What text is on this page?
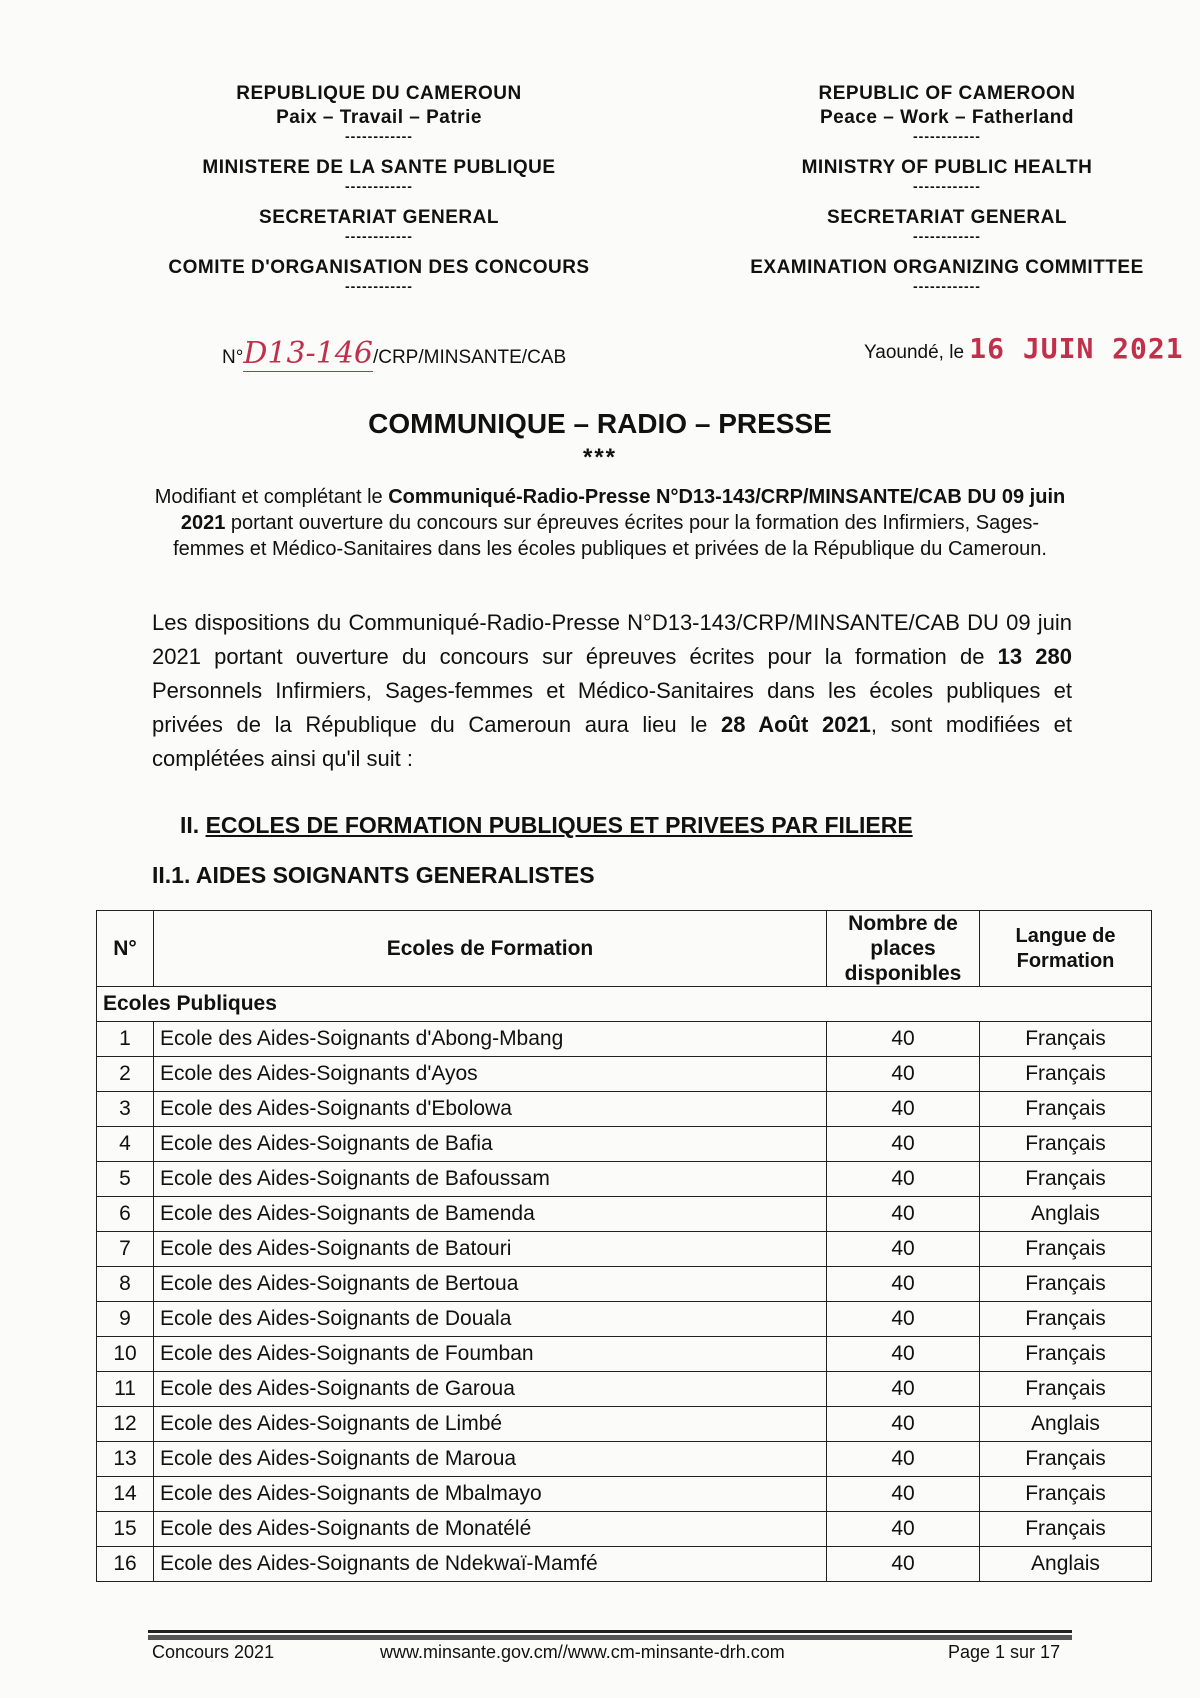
REPUBLIQUE DU CAMEROUN
Paix – Travail – Patrie
------------
MINISTERE DE LA SANTE PUBLIQUE
------------
SECRETARIAT GENERAL
------------
COMITE D'ORGANISATION DES CONCOURS
------------
REPUBLIC OF CAMEROON
Peace – Work – Fatherland
------------
MINISTRY OF PUBLIC HEALTH
------------
SECRETARIAT GENERAL
------------
EXAMINATION ORGANIZING COMMITTEE
------------
N°D13-146/CRP/MINSANTE/CAB	Yaoundé, le 16 JUIN 2021
COMMUNIQUE – RADIO – PRESSE
***
Modifiant et complétant le Communiqué-Radio-Presse N°D13-143/CRP/MINSANTE/CAB DU 09 juin 2021 portant ouverture du concours sur épreuves écrites pour la formation des Infirmiers, Sages-femmes et Médico-Sanitaires dans les écoles publiques et privées de la République du Cameroun.
Les dispositions du Communiqué-Radio-Presse N°D13-143/CRP/MINSANTE/CAB DU 09 juin 2021 portant ouverture du concours sur épreuves écrites pour la formation de 13 280 Personnels Infirmiers, Sages-femmes et Médico-Sanitaires dans les écoles publiques et privées de la République du Cameroun aura lieu le 28 Août 2021, sont modifiées et complétées ainsi qu'il suit :
II. ECOLES DE FORMATION PUBLIQUES ET PRIVEES PAR FILIERE
II.1. AIDES SOIGNANTS GENERALISTES
N°	Ecoles de Formation	Nombre de places disponibles	Langue de Formation
Ecoles Publiques			
1	Ecole des Aides-Soignants d'Abong-Mbang	40	Français
2	Ecole des Aides-Soignants d'Ayos	40	Français
3	Ecole des Aides-Soignants d'Ebolowa	40	Français
4	Ecole des Aides-Soignants de Bafia	40	Français
5	Ecole des Aides-Soignants de Bafoussam	40	Français
6	Ecole des Aides-Soignants de Bamenda	40	Anglais
7	Ecole des Aides-Soignants de Batouri	40	Français
8	Ecole des Aides-Soignants de Bertoua	40	Français
9	Ecole des Aides-Soignants de Douala	40	Français
10	Ecole des Aides-Soignants de Foumban	40	Français
11	Ecole des Aides-Soignants de Garoua	40	Français
12	Ecole des Aides-Soignants de Limbé	40	Anglais
13	Ecole des Aides-Soignants de Maroua	40	Français
14	Ecole des Aides-Soignants de Mbalmayo	40	Français
15	Ecole des Aides-Soignants de Monatélé	40	Français
16	Ecole des Aides-Soignants de Ndekwaï-Mamfé	40	Anglais
Concours 2021	www.minsante.gov.cm//www.cm-minsante-drh.com	Page 1 sur 17
